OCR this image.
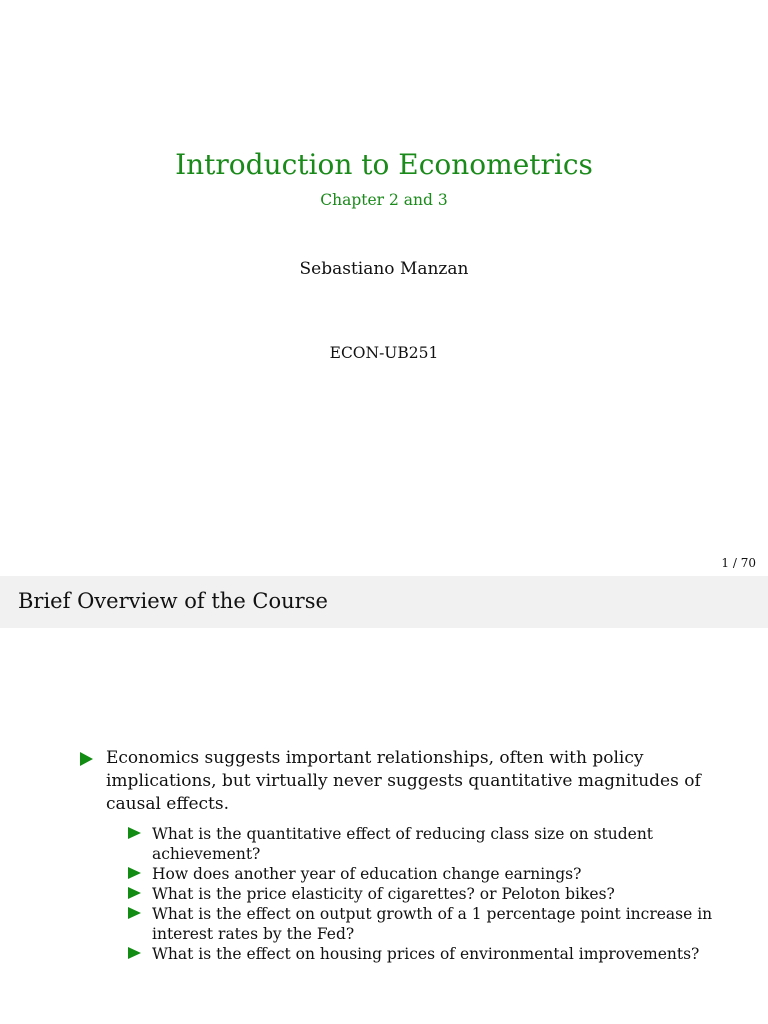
Introduction to Econometrics
Chapter 2 and 3
Sebastiano Manzan
ECON-UB251
1 / 70
Brief Overview of the Course
Economics suggests important relationships, often with policy implications, but virtually never suggests quantitative magnitudes of causal effects.
What is the quantitative effect of reducing class size on student achievement?
How does another year of education change earnings?
What is the price elasticity of cigarettes? or Peloton bikes?
What is the effect on output growth of a 1 percentage point increase in interest rates by the Fed?
What is the effect on housing prices of environmental improvements?
